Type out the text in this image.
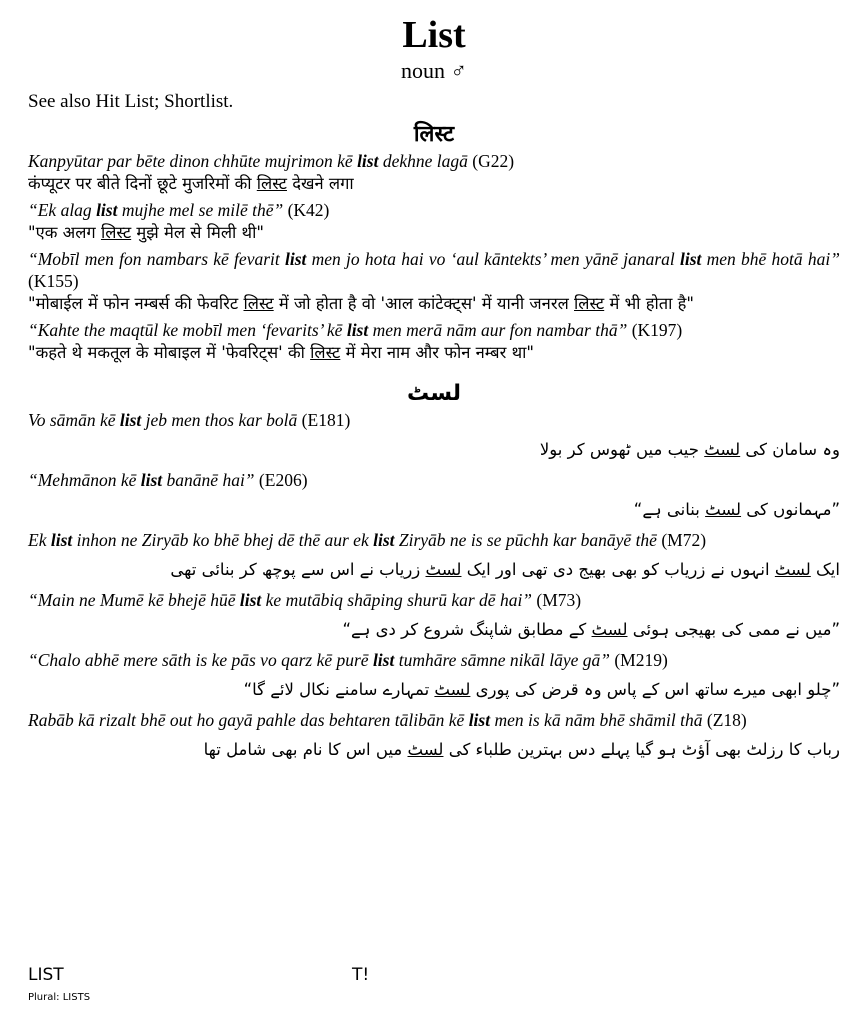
List
noun ♂
See also Hit List; Shortlist.
लिस्ट
Kanpyūtar par bēte dinon chhūte mujrimon kē list dekhne lagā (G22)
कंप्यूटर पर बीते दिनों छूटे मुजरिमों की लिस्ट देखने लगा
“Ek alag list mujhe mel se milē thē” (K42)
"एक अलग लिस्ट मुझे मेल से मिली थी"
“Mobīl men fon nambars kē fevarit list men jo hota hai vo ‘aul kāntekts’ men yānē janaral list men bhē hotā hai” (K155)
"मोबाईल में फोन नम्बर्स की फेवरिट लिस्ट में जो होता है वो 'आल कांटेक्ट्स' में यानी जनरल लिस्ट में भी होता है"
“Kahte the maqtūl ke mobīl men ‘fevarits’ kē list men merā nām aur fon nambar thā” (K197)
"कहते थे मकतूल के मोबाइल में 'फेवरिट्स' की लिस्ट में मेरा नाम और फोन नम्बर था"
لسٹ
Vo sāmān kē list jeb men thos kar bolā (E181)
وہ سامان کی لسٹ جیب میں ٹھوس کر بولا
“Mehmānon kē list banānē hai” (E206)
”مہمانوں کی لسٹ بنانی ہے“
Ek list inhon ne Ziryāb ko bhē bhej dē thē aur ek list Ziryāb ne is se pūchh kar banāyē thē (M72)
ایک لسٹ انہوں نے زریاب کو بھی بھیج دی تھی اور ایک لسٹ زریاب نے اس سے پوچھ کر بنائی تھی
“Main ne Mumē kē bhejē hūē list ke mutābiq shāping shurū kar dē hai” (M73)
”میں نے ممی کی بھیجی ہوئی لسٹ کے مطابق شاپنگ شروع کر دی ہے“
“Chalo abhē mere sāth is ke pās vo qarz kē purē list tumhāre sāmne nikāl lāye gā” (M219)
”چلو ابھی میرے ساتھ اس کے پاس وہ قرض کی پوری لسٹ تمہارے سامنے نکال لائے گا“
Rabāb kā rizalt bhē out ho gayā pahle das behtaren tālibān kē list men is kā nām bhē shāmil thā (Z18)
رباب کا رزلٹ بھی آؤٹ ہو گیا پہلے دس بہترین طلباء کی لسٹ میں اس کا نام بھی شامل تھا
LIST	T!
Plural: LISTS
